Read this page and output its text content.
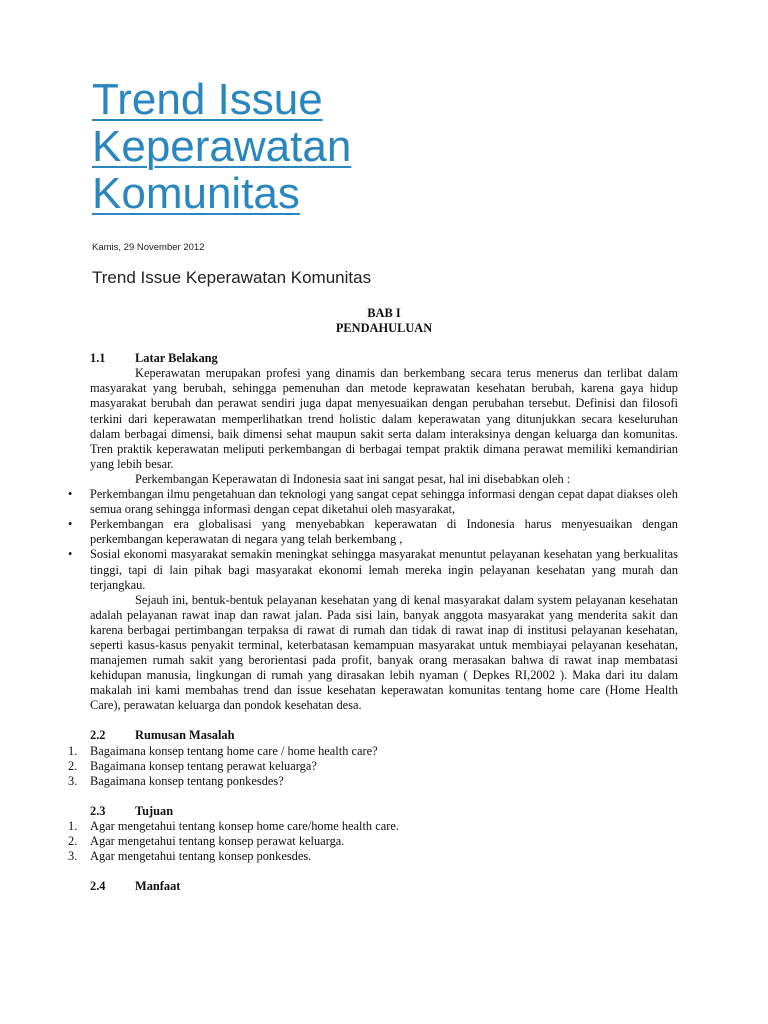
Trend Issue
Keperawatan
Komunitas
Kamis, 29 November 2012
Trend Issue Keperawatan Komunitas

BAB I

PENDAHULUAN

1.1 Latar Belakang

Keperawatan merupakan profesi yang dinamis dan berkembang secara terus menerus dan terlibat dalam masyarakat yang berubah, sehingga pemenuhan dan metode keprawatan kesehatan berubah, karena gaya hidup masyarakat berubah dan perawat sendiri juga dapat menyesuaikan dengan perubahan tersebut. Definisi dan filosofi terkini dari keperawatan memperlihatkan trend holistic dalam keperawatan yang ditunjukkan secara keseluruhan dalam berbagai dimensi, baik dimensi sehat maupun sakit serta dalam interaksinya dengan keluarga dan komunitas. Tren praktik keperawatan meliputi perkembangan di berbagai tempat praktik dimana perawat memiliki kemandirian yang lebih besar.

Perkembangan Keperawatan di Indonesia saat ini sangat pesat, hal ini disebabkan oleh :

• Perkembangan ilmu pengetahuan dan teknologi yang sangat cepat sehingga informasi dengan cepat dapat diakses oleh semua orang sehingga informasi dengan cepat diketahui oleh masyarakat,
• Perkembangan era globalisasi yang menyebabkan keperawatan di Indonesia harus menyesuaikan dengan perkembangan keperawatan di negara yang telah berkembang ,
• Sosial ekonomi masyarakat semakin meningkat sehingga masyarakat menuntut pelayanan kesehatan yang berkualitas tinggi, tapi di lain pihak bagi masyarakat ekonomi lemah mereka ingin pelayanan kesehatan yang murah dan terjangkau.

Sejauh ini, bentuk-bentuk pelayanan kesehatan yang di kenal masyarakat dalam system pelayanan kesehatan adalah pelayanan rawat inap dan rawat jalan. Pada sisi lain, banyak anggota masyarakat yang menderita sakit dan karena berbagai pertimbangan terpaksa di rawat di rumah dan tidak di rawat inap di institusi pelayanan kesehatan, seperti kasus-kasus penyakit terminal, keterbatasan kemampuan masyarakat untuk membiayai pelayanan kesehatan, manajemen rumah sakit yang berorientasi pada profit, banyak orang merasakan bahwa di rawat inap membatasi kehidupan manusia, lingkungan di rumah yang dirasakan lebih nyaman ( Depkes RI,2002 ). Maka dari itu dalam makalah ini kami membahas trend dan issue kesehatan keperawatan komunitas tentang home care (Home Health Care), perawatan keluarga dan pondok kesehatan desa.

2.2 Rumusan Masalah

1. Bagaimana konsep tentang home care / home health care?
2. Bagaimana konsep tentang perawat keluarga?
3. Bagaimana konsep tentang ponkesdes?

2.3 Tujuan

1. Agar mengetahui tentang konsep home care/home health care.
2. Agar mengetahui tentang konsep perawat keluarga.
3. Agar mengetahui tentang konsep ponkesdes.

2.4 Manfaat
